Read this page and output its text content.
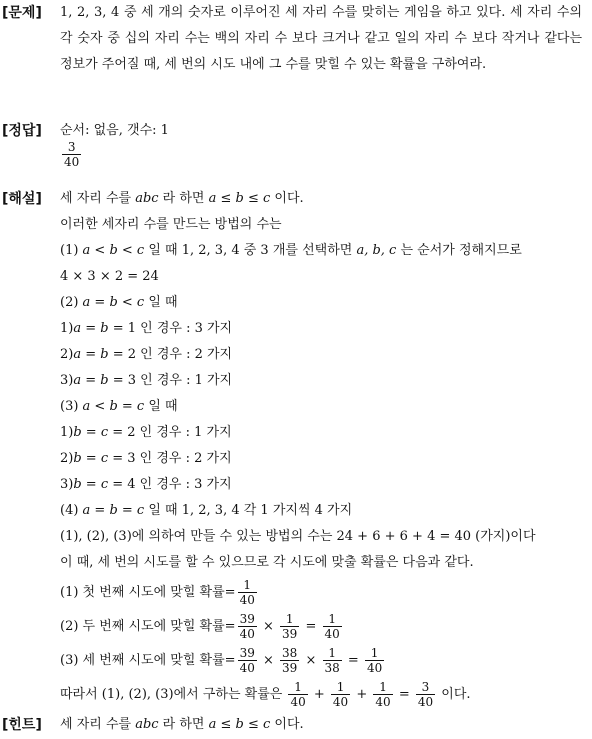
[문제] 1, 2, 3, 4 중 세 개의 숫자로 이루어진 세 자리 수를 맞히는 게임을 하고 있다. 세 자리 수의 각 숫자 중 십의 자리 수는 백의 자리 수 보다 크거나 같고 일의 자리 수 보다 작거나 같다는 정보가 주어질 때, 세 번의 시도 내에 그 수를 맞힐 수 있는 확률을 구하여라.
[정답] 순서: 없음, 갯수: 1
$\frac{3}{40}$
[해설] 세 자리 수를 abc 라 하면 a ≤ b ≤ c 이다.
이러한 세자리 수를 만드는 방법의 수는
(1) a < b < c 일 때 1, 2, 3, 4 중 3 개를 선택하면 a, b, c 는 순서가 정해지므로
4 × 3 × 2 = 24
(2) a = b < c 일 때
1)a = b = 1 인 경우 : 3 가지
2)a = b = 2 인 경우 : 2 가지
3)a = b = 3 인 경우 : 1 가지
(3) a < b = c 일 때
1)b = c = 2 인 경우 : 1 가지
2)b = c = 3 인 경우 : 2 가지
3)b = c = 4 인 경우 : 3 가지
(4) a = b = c 일 때 1, 2, 3, 4 각 1 가지씩 4 가지
(1), (2), (3)에 의하여 만들 수 있는 방법의 수는 24 + 6 + 6 + 4 = 40 (가지)이다
이 때, 세 번의 시도를 할 수 있으므로 각 시도에 맞출 확률은 다음과 같다.
(1) 첫 번째 시도에 맞힐 확률= $\frac{1}{40}$
(2) 두 번째 시도에 맞힐 확률= $\frac{39}{40} \times \frac{1}{39} = \frac{1}{40}$
(3) 세 번째 시도에 맞힐 확률= $\frac{39}{40} \times \frac{38}{39} \times \frac{1}{38} = \frac{1}{40}$
따라서 (1), (2), (3)에서 구하는 확률은 $\frac{1}{40} + \frac{1}{40} + \frac{1}{40} = \frac{3}{40}$ 이다.
[힌트] 세 자리 수를 abc 라 하면 a ≤ b ≤ c 이다.
